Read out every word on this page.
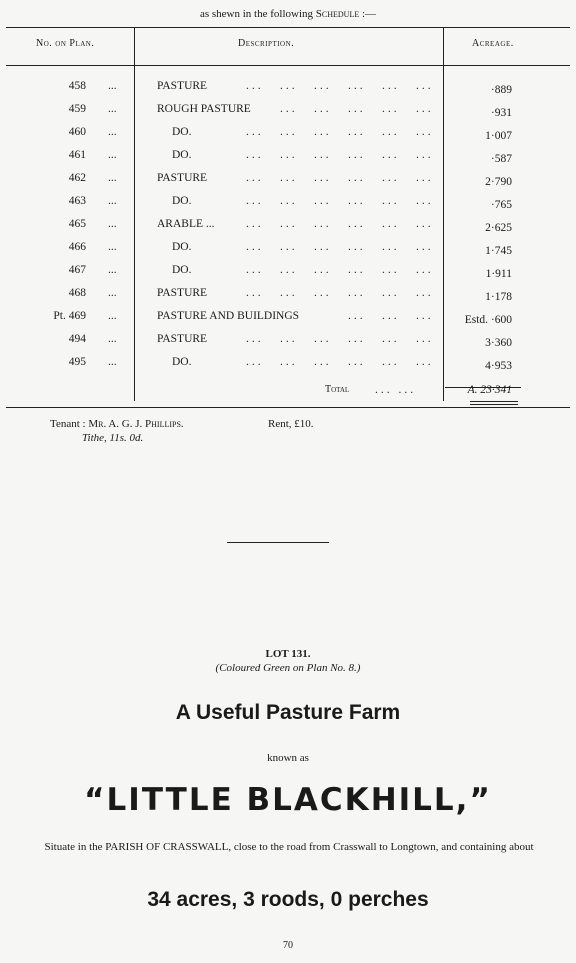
as shewn in the following Schedule :—
No. on Plan.	Description.	Acreage.
458 ...	PASTURE	... ... ... ... ... ...	·889
459 ...	ROUGH PASTURE	... ... ... ... ...	·931
460 ...	DO.	... ... ... ... ... ...	1·007
461 ...	DO.	... ... ... ... ... ...	·587
462 ...	PASTURE	... ... ... ... ... ...	2·790
463 ...	DO.	... ... ... ... ... ...	·765
465 ...	ARABLE ...	... ... ... ... ... ...	2·625
466 ...	DO.	... ... ... ... ... ...	1·745
467 ...	DO.	... ... ... ... ... ...	1·911
468 ...	PASTURE	... ... ... ... ... ...	1·178
Pt. 469 ...	PASTURE AND BUILDINGS	... ... ...	Estd. ·600
494 ...	PASTURE	... ... ... ... ... ...	3·360
495 ...	DO.	... ... ... ... ... ...	4·953
Total ... ...	A. 23·341
Tenant : Mr. A. G. J. Phillips.	Rent, £10.
Tithe, 11s. 0d.
LOT 131.
(Coloured Green on Plan No. 8.)
A Useful Pasture Farm
known as
“LITTLE BLACKHILL,”
Situate in the PARISH OF CRASSWALL, close to the road from Crasswall to Longtown, and containing about
34 acres, 3 roods, 0 perches
70
